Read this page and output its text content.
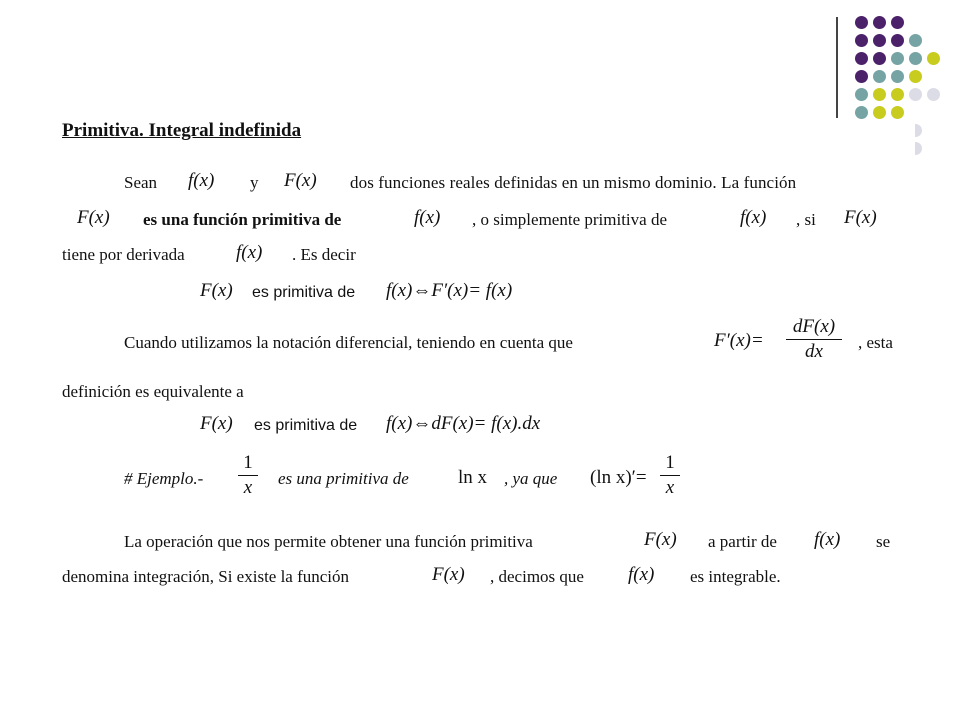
Primitiva. Integral indefinida
Sean f(x) y F(x) dos funciones reales definidas en un mismo dominio. La función
F(x) es una función primitiva de	f(x) , o simplemente primitiva de	f(x) , si F(x)
tiene por derivada	f(x) . Es decir
F(x) es primitiva de f(x)⇔F′(x)= f(x)
Cuando utilizamos la notación diferencial, teniendo en cuenta que	F′(x)=
dF(x)
dx	, esta
definición es equivalente a
F(x) es primitiva de f(x)⇔dF(x)= f(x).dx
# Ejemplo.-
1
x	es una primitiva de	ln x , ya que (ln x)′=
1
x
La operación que nos permite obtener una función primitiva	F(x) a partir de f(x) se
denomina integración, Si existe la función	F(x) , decimos que f(x) es integrable.
